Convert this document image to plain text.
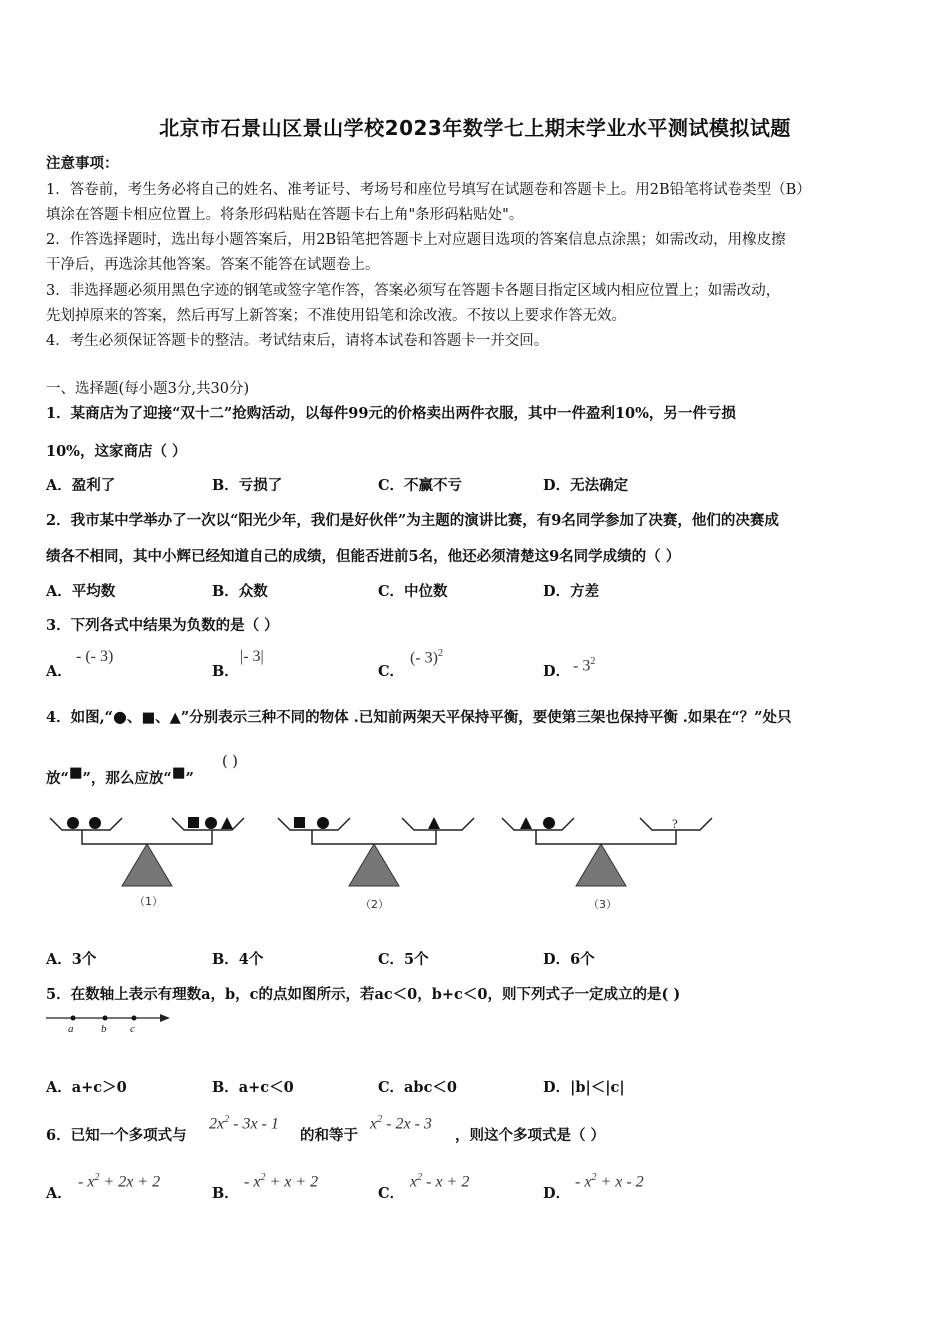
北京市石景山区景山学校2023年数学七上期末学业水平测试模拟试题
注意事项：
1．答卷前，考生务必将自己的姓名、准考证号、考场号和座位号填写在试题卷和答题卡上。用2B铅笔将试卷类型（B）
填涂在答题卡相应位置上。将条形码粘贴在答题卡右上角"条形码粘贴处"。
2．作答选择题时，选出每小题答案后，用2B铅笔把答题卡上对应题目选项的答案信息点涂黑；如需改动，用橡皮擦
干净后，再选涂其他答案。答案不能答在试题卷上。
3．非选择题必须用黑色字迹的钢笔或签字笔作答，答案必须写在答题卡各题目指定区域内相应位置上；如需改动，
先划掉原来的答案，然后再写上新答案；不准使用铅笔和涂改液。不按以上要求作答无效。
4．考生必须保证答题卡的整洁。考试结束后，请将本试卷和答题卡一并交回。
一、选择题(每小题3分,共30分)
1．某商店为了迎接“双十二”抢购活动，以每件99元的价格卖出两件衣服，其中一件盈利10%，另一件亏损
10%，这家商店（ ）
A．盈利了	B．亏损了	C．不赢不亏	D．无法确定
2．我市某中学举办了一次以“阳光少年，我们是好伙伴”为主题的演讲比赛，有9名同学参加了决赛，他们的决赛成
绩各不相同，其中小辉已经知道自己的成绩，但能否进前5名，他还必须清楚这9名同学成绩的（ ）
A．平均数	B．众数	C．中位数	D．方差
3．下列各式中结果为负数的是（ ）
A．
- (- 3)
B．
|- 3|
C．
(- 3)$^2$
D． - $3^2$
4．如图,“●、■、▲”分别表示三种不同的物体 .已知前两架天平保持平衡，要使第三架也保持平衡 .如果在“？”处只
放“■”，那么应放“■”
( )
?
（1）	（2）	（3）
A．3个	B．4个	C．5个	D．6个
5．在数轴上表示有理数a，b，c的点如图所示，若ac＜0，b+c＜0，则下列式子一定成立的是( )
a	b c
A．a+c＞0	B．a+c＜0	C．abc＜0	D．|b|＜|c|
6．已知一个多项式与
$2x^2 - 3x - 1$
的和等于
$x^2 - 2x - 3$
，则这个多项式是（ ）
A．
- $x^2 + 2x + 2$
B．
- $x^2 + x + 2$
C．
$x^2 - x + 2$
D．
- $x^2 + x - 2$
